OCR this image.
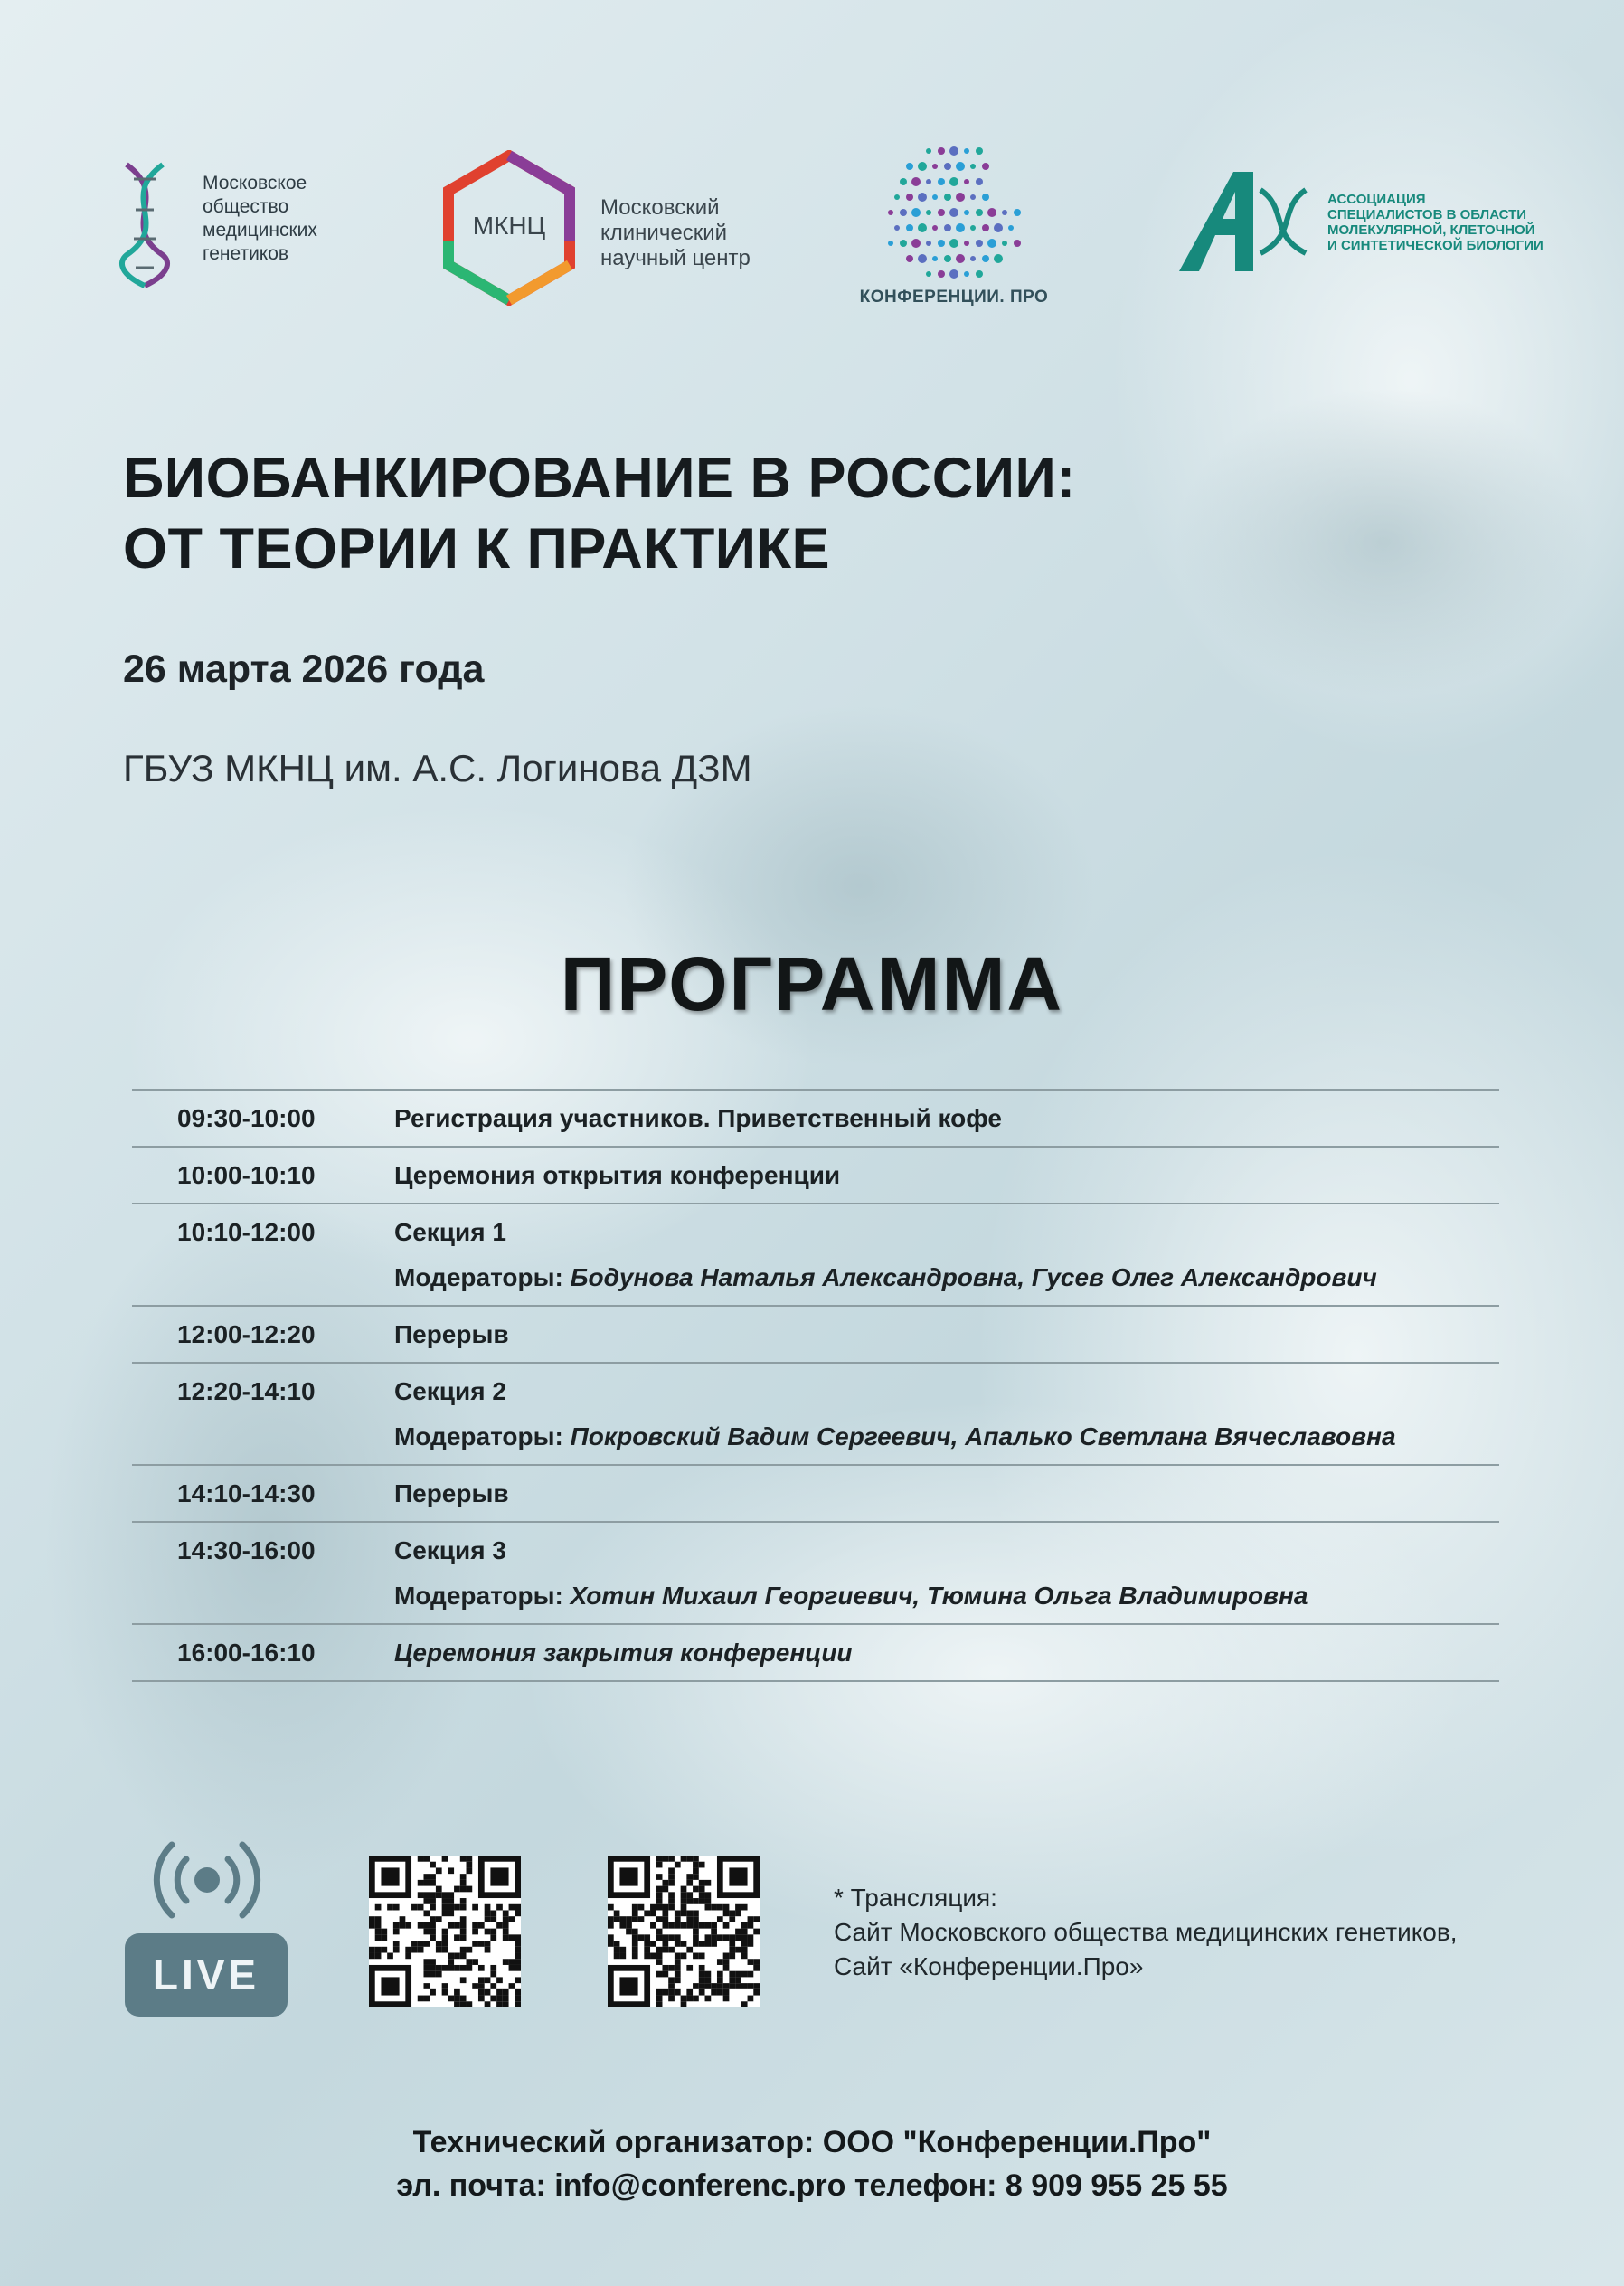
Московское
общество
медицинских
генетиков
МКНЦ
Московский
клинический
научный центр
КОНФЕРЕНЦИИ. ПРО
АССОЦИАЦИЯ
СПЕЦИАЛИСТОВ В ОБЛАСТИ
МОЛЕКУЛЯРНОЙ, КЛЕТОЧНОЙ
И СИНТЕТИЧЕСКОЙ БИОЛОГИИ
БИОБАНКИРОВАНИЕ В РОССИИ:
ОТ ТЕОРИИ К ПРАКТИКЕ
26 марта 2026 года
ГБУЗ МКНЦ им. А.С. Логинова ДЗМ
ПРОГРАММА
09:30-10:00	Регистрация участников. Приветственный кофе
10:00-10:10	Церемония открытия конференции
10:10-12:00	Секция 1
Модераторы: Бодунова Наталья Александровна, Гусев Олег Александрович
12:00-12:20	Перерыв
12:20-14:10	Секция 2
Модераторы: Покровский Вадим Сергеевич, Апалько Светлана Вячеславовна
14:10-14:30	Перерыв
14:30-16:00	Секция 3
Модераторы: Хотин Михаил Георгиевич, Тюмина Ольга Владимировна
16:00-16:10	Церемония закрытия конференции
LIVE
* Трансляция:
Сайт Московского общества медицинских генетиков,
Сайт «Конференции.Про»
Технический организатор: ООО "Конференции.Про"
эл. почта: info@conferenc.pro телефон: 8 909 955 25 55
